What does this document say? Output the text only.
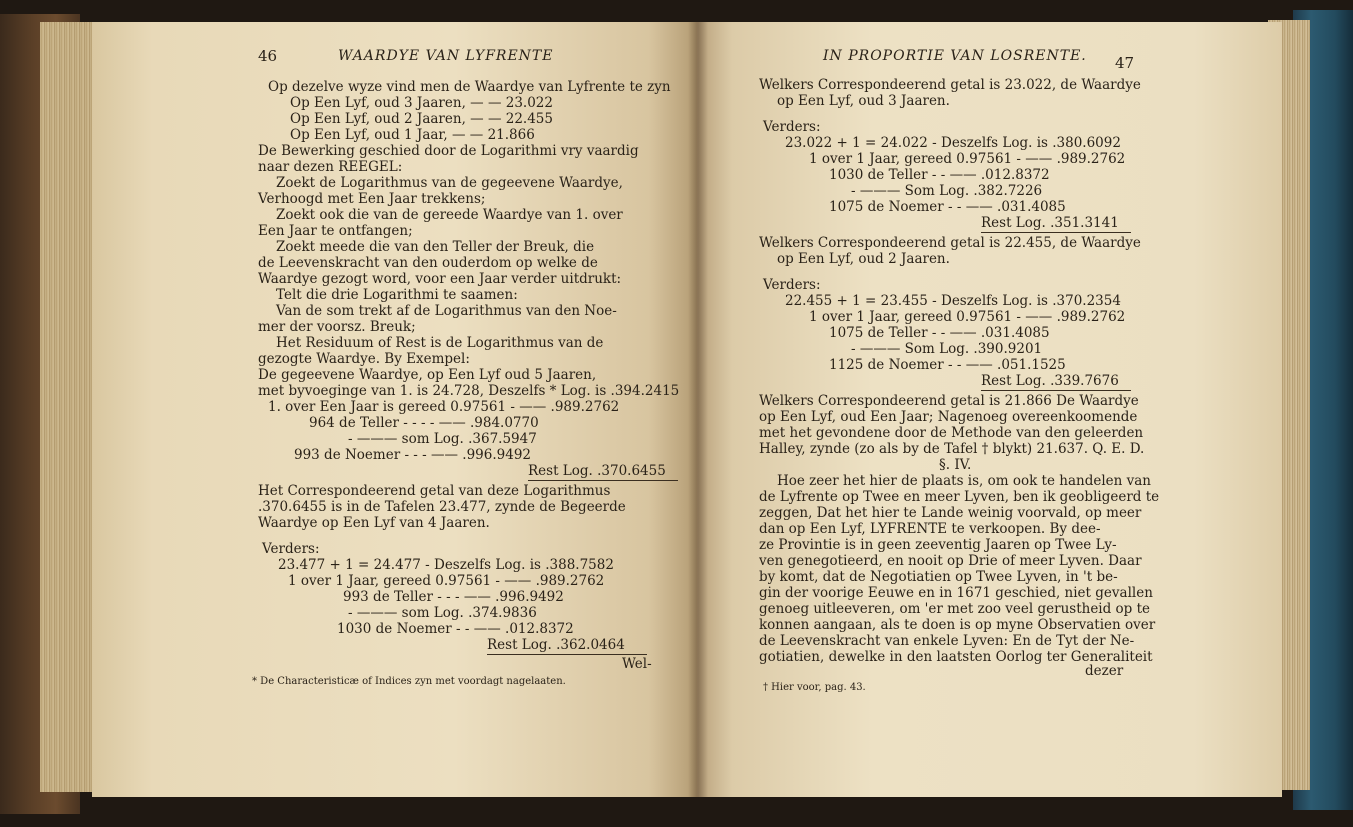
46	WAARDYE VAN LYFRENTE
Op dezelve wyze vind men de Waardye van Lyfrente te zyn
Op Een Lyf, oud 3 Jaaren, — — 23.022
Op Een Lyf, oud 2 Jaaren, — — 22.455
Op Een Lyf, oud 1 Jaar, — — 21.866
De Bewerking geschied door de Logarithmi vry vaardig
naar dezen REEGEL:
Zoekt de Logarithmus van de gegeevene Waardye,
Verhoogd met Een Jaar trekkens;
Zoekt ook die van de gereede Waardye van 1. over
Een Jaar te ontfangen;
Zoekt meede die van den Teller der Breuk, die
de Leevenskracht van den ouderdom op welke de
Waardye gezogt word, voor een Jaar verder uitdrukt:
Telt die drie Logarithmi te saamen:
Van de som trekt af de Logarithmus van den Noe-
mer der voorsz. Breuk;
Het Residuum of Rest is de Logarithmus van de
gezogte Waardye. By Exempel:
De gegeevene Waardye, op Een Lyf oud 5 Jaaren,
met byvoeginge van 1. is 24.728, Deszelfs * Log. is .394.2415
1. over Een Jaar is gereed 0.97561 - —— .989.2762
964 de Teller - - - - —— .984.0770
- ——— som Log. .367.5947
993 de Noemer - - - —— .996.9492
Rest Log. .370.6455
Het Correspondeerend getal van deze Logarithmus
.370.6455 is in de Tafelen 23.477, zynde de Begeerde
Waardye op Een Lyf van 4 Jaaren.
Verders:
23.477 + 1 = 24.477 - Deszelfs Log. is .388.7582
1 over 1 Jaar, gereed 0.97561 - —— .989.2762
993 de Teller - - - —— .996.9492
- ——— som Log. .374.9836
1030 de Noemer - - —— .012.8372
Rest Log. .362.0464
Wel-
* De Characteristicæ of Indices zyn met voordagt nagelaaten.
IN PROPORTIE VAN LOSRENTE. 47
Welkers Correspondeerend getal is 23.022, de Waardye
op Een Lyf, oud 3 Jaaren.
Verders:
23.022 + 1 = 24.022 - Deszelfs Log. is .380.6092
1 over 1 Jaar, gereed 0.97561 - —— .989.2762
1030 de Teller - - —— .012.8372
- ——— Som Log. .382.7226
1075 de Noemer - - —— .031.4085
Rest Log. .351.3141
Welkers Correspondeerend getal is 22.455, de Waardye
op Een Lyf, oud 2 Jaaren.
Verders:
22.455 + 1 = 23.455 - Deszelfs Log. is .370.2354
1 over 1 Jaar, gereed 0.97561 - —— .989.2762
1075 de Teller - - —— .031.4085
- ——— Som Log. .390.9201
1125 de Noemer - - —— .051.1525
Rest Log. .339.7676
Welkers Correspondeerend getal is 21.866 De Waardye
op Een Lyf, oud Een Jaar; Nagenoeg overeenkoomende
met het gevondene door de Methode van den geleerden
Halley, zynde (zo als by de Tafel † blykt) 21.637. Q. E. D.
§. IV.
Hoe zeer het hier de plaats is, om ook te handelen van
de Lyfrente op Twee en meer Lyven, ben ik geobligeerd te
zeggen, Dat het hier te Lande weinig voorvald, op meer
dan op Een Lyf, LYFRENTE te verkoopen. By dee-
ze Provintie is in geen zeeventig Jaaren op Twee Ly-
ven genegotieerd, en nooit op Drie of meer Lyven. Daar
by komt, dat de Negotiatien op Twee Lyven, in 't be-
gin der voorige Eeuwe en in 1671 geschied, niet gevallen
genoeg uitleeveren, om 'er met zoo veel gerustheid op te
konnen aangaan, als te doen is op myne Observatien over
de Leevenskracht van enkele Lyven: En de Tyt der Ne-
gotiatien, dewelke in den laatsten Oorlog ter Generaliteit
dezer
† Hier voor, pag. 43.
